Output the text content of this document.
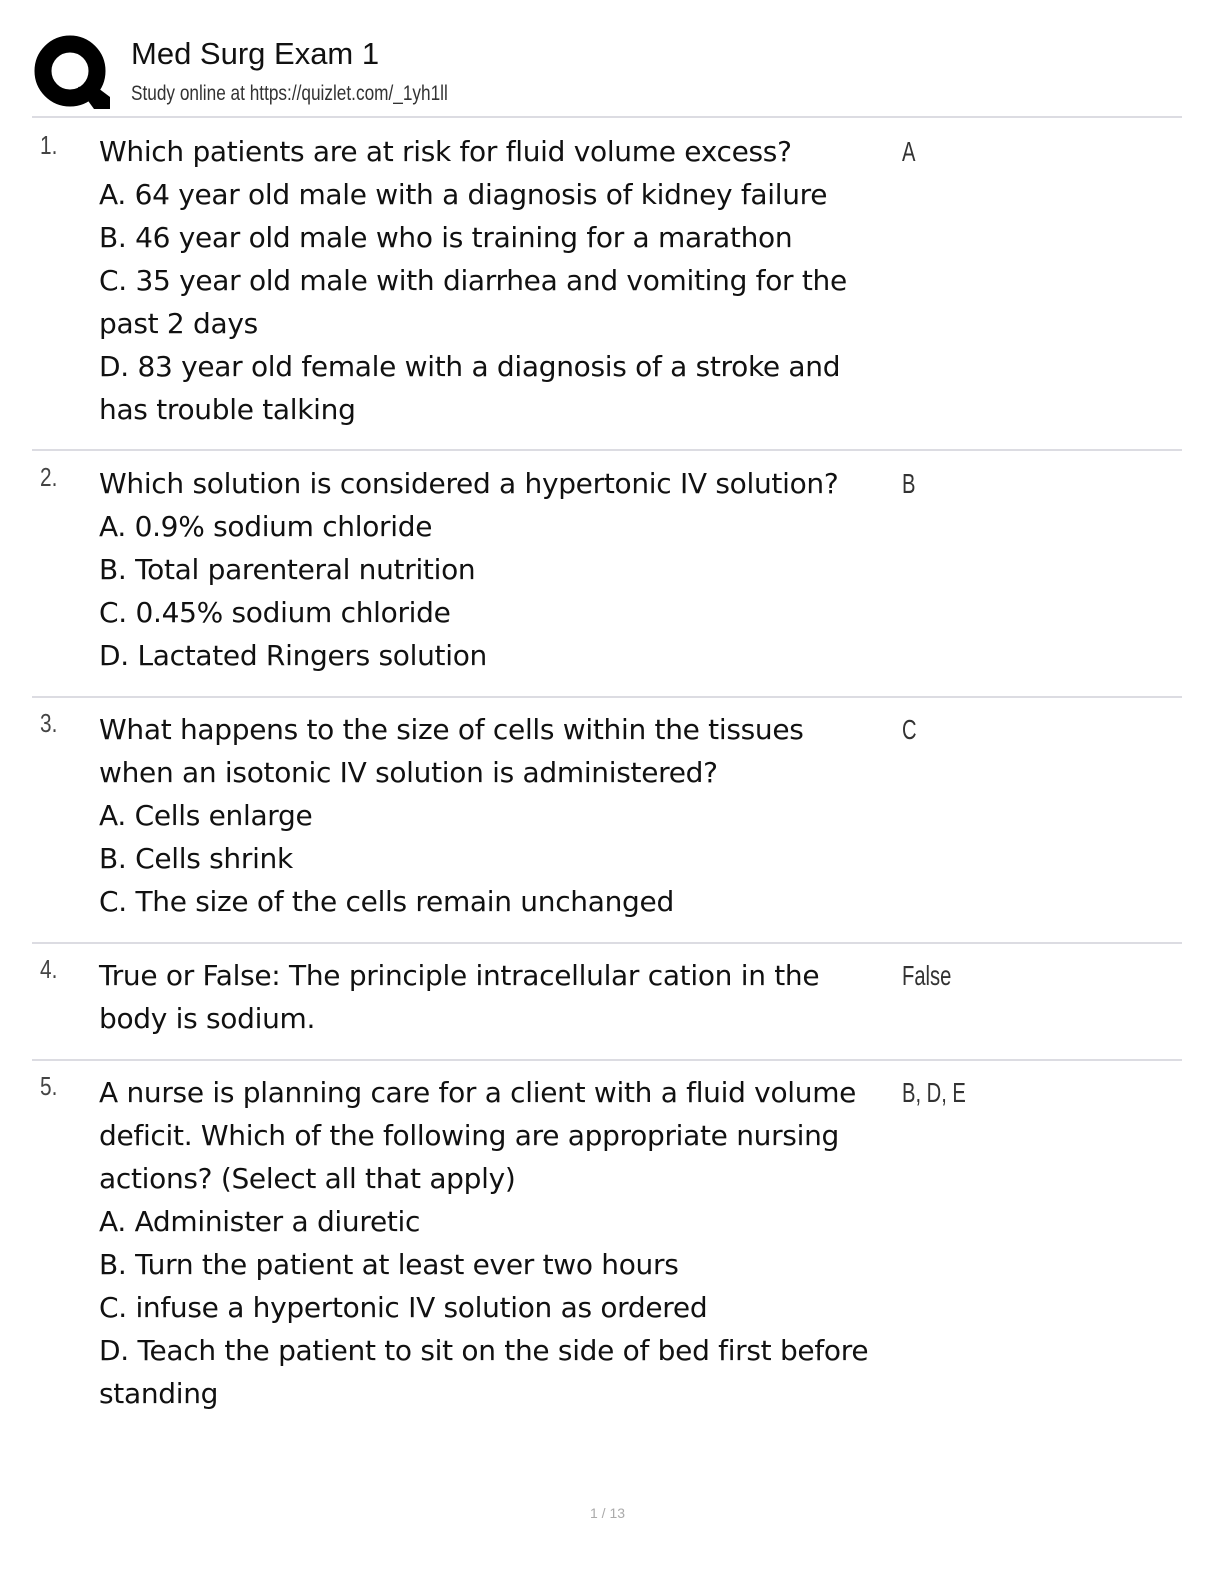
Med Surg Exam 1
Study online at https://quizlet.com/_1yh1ll
1. Which patients are at risk for fluid volume excess?
A. 64 year old male with a diagnosis of kidney failure
B. 46 year old male who is training for a marathon
C. 35 year old male with diarrhea and vomiting for the
past 2 days
D. 83 year old female with a diagnosis of a stroke and
has trouble talking
A
2. Which solution is considered a hypertonic IV solution?
A. 0.9% sodium chloride
B. Total parenteral nutrition
C. 0.45% sodium chloride
D. Lactated Ringers solution
B
3. What happens to the size of cells within the tissues
when an isotonic IV solution is administered?
A. Cells enlarge
B. Cells shrink
C. The size of the cells remain unchanged
C
4. True or False: The principle intracellular cation in the
body is sodium.
False
5. A nurse is planning care for a client with a fluid volume
deficit. Which of the following are appropriate nursing
actions? (Select all that apply)
A. Administer a diuretic
B. Turn the patient at least ever two hours
C. infuse a hypertonic IV solution as ordered
D. Teach the patient to sit on the side of bed first before
standing
B, D, E
1 / 13
